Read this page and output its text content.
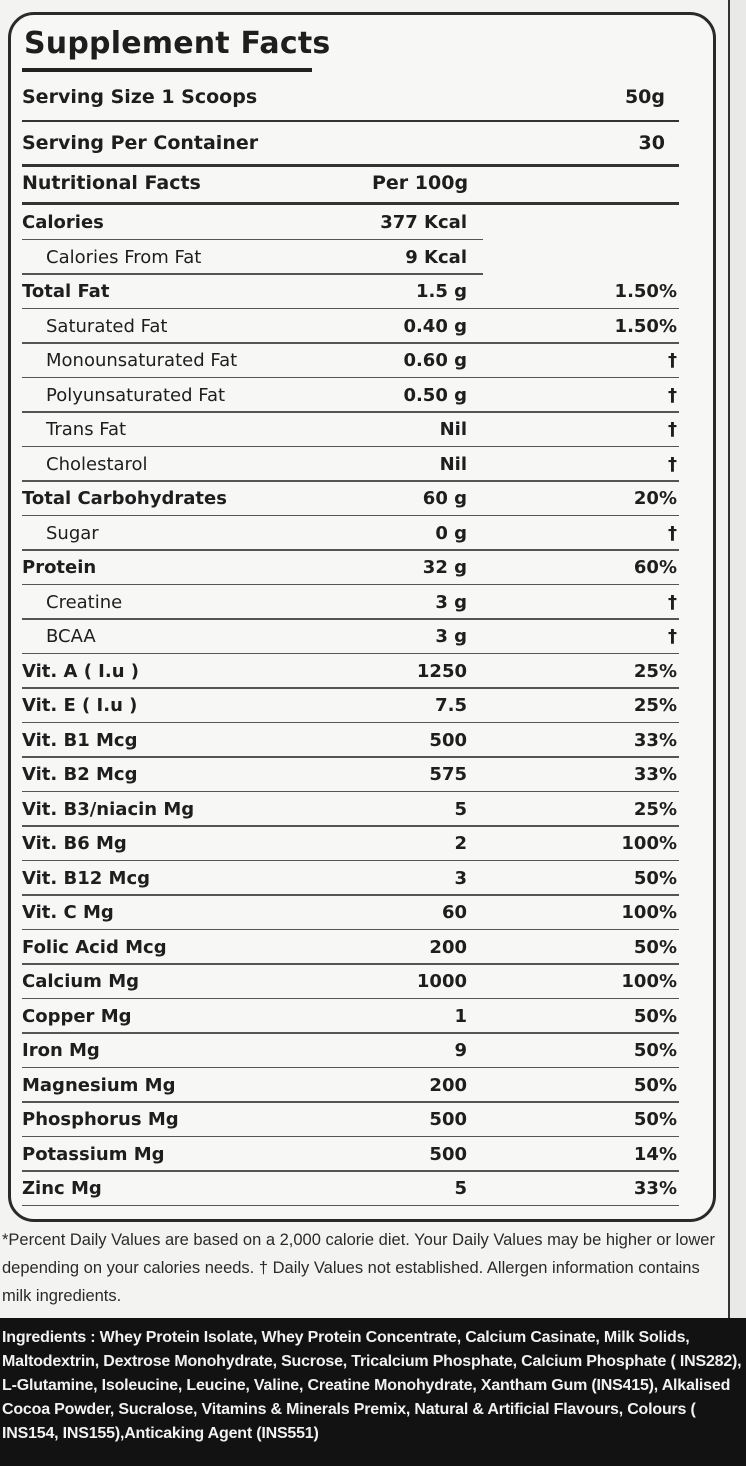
Supplement Facts
Serving Size 1 Scoops	50g
Serving Per Container	30
Nutritional Facts	Per 100g
Calories	377 Kcal
Calories From Fat	9 Kcal
Total Fat	1.5 g	1.50%
Saturated Fat	0.40 g	1.50%
Monounsaturated Fat	0.60 g	†
Polyunsaturated Fat	0.50 g	†
Trans Fat	Nil	†
Cholestarol	Nil	†
Total Carbohydrates	60 g	20%
Sugar	0 g	†
Protein	32 g	60%
Creatine	3 g	†
BCAA	3 g	†
Vit. A ( I.u )	1250	25%
Vit. E ( I.u )	7.5	25%
Vit. B1 Mcg	500	33%
Vit. B2 Mcg	575	33%
Vit. B3/niacin Mg	5	25%
Vit. B6 Mg	2	100%
Vit. B12 Mcg	3	50%
Vit. C Mg	60	100%
Folic Acid Mcg	200	50%
Calcium Mg	1000	100%
Copper Mg	1	50%
Iron Mg	9	50%
Magnesium Mg	200	50%
Phosphorus Mg	500	50%
Potassium Mg	500	14%
Zinc Mg	5	33%
*Percent Daily Values are based on a 2,000 calorie diet. Your Daily Values may be higher or lower depending on your calories needs. † Daily Values not established. Allergen information contains milk ingredients.
Ingredients : Whey Protein Isolate, Whey Protein Concentrate, Calcium Casinate, Milk Solids, Maltodextrin, Dextrose Monohydrate, Sucrose, Tricalcium Phosphate, Calcium Phosphate ( INS282), L-Glutamine, Isoleucine, Leucine, Valine, Creatine Monohydrate, Xantham Gum (INS415), Alkalised Cocoa Powder, Sucralose, Vitamins & Minerals Premix, Natural & Artificial Flavours, Colours ( INS154, INS155),Anticaking Agent (INS551)
